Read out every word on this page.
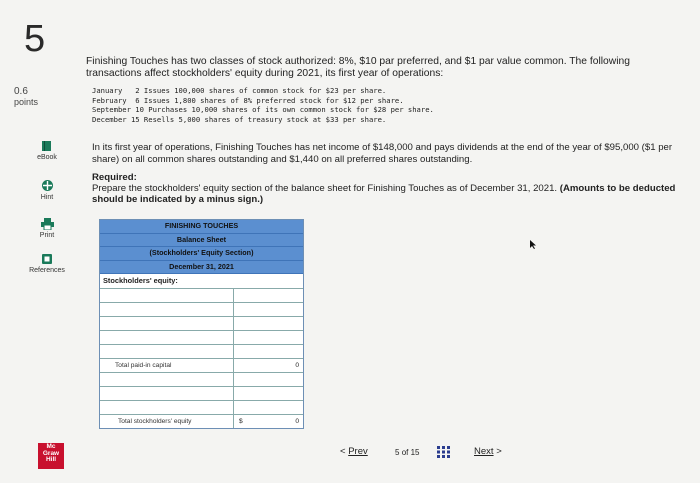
5
0.6
points
eBook
Hint
Print
References
Finishing Touches has two classes of stock authorized: 8%, $10 par preferred, and $1 par value common. The following transactions affect stockholders' equity during 2021, its first year of operations:
January   2 Issues 100,000 shares of common stock for $23 per share.
February  6 Issues 1,800 shares of 8% preferred stock for $12 per share.
September 10 Purchases 10,000 shares of its own common stock for $28 per share.
December 15 Resells 5,000 shares of treasury stock at $33 per share.
In its first year of operations, Finishing Touches has net income of $148,000 and pays dividends at the end of the year of $95,000 ($1 per share) on all common shares outstanding and $1,440 on all preferred shares outstanding.
Required:
Prepare the stockholders' equity section of the balance sheet for Finishing Touches as of December 31, 2021. (Amounts to be deducted should be indicated by a minus sign.)
FINISHING TOUCHES
Balance Sheet
(Stockholders' Equity Section)
December 31, 2021
Stockholders' equity:
Total paid-in capital	0
Total stockholders' equity	$	0
Mc
Graw
Hill
< Prev	5 of 15	Next >
